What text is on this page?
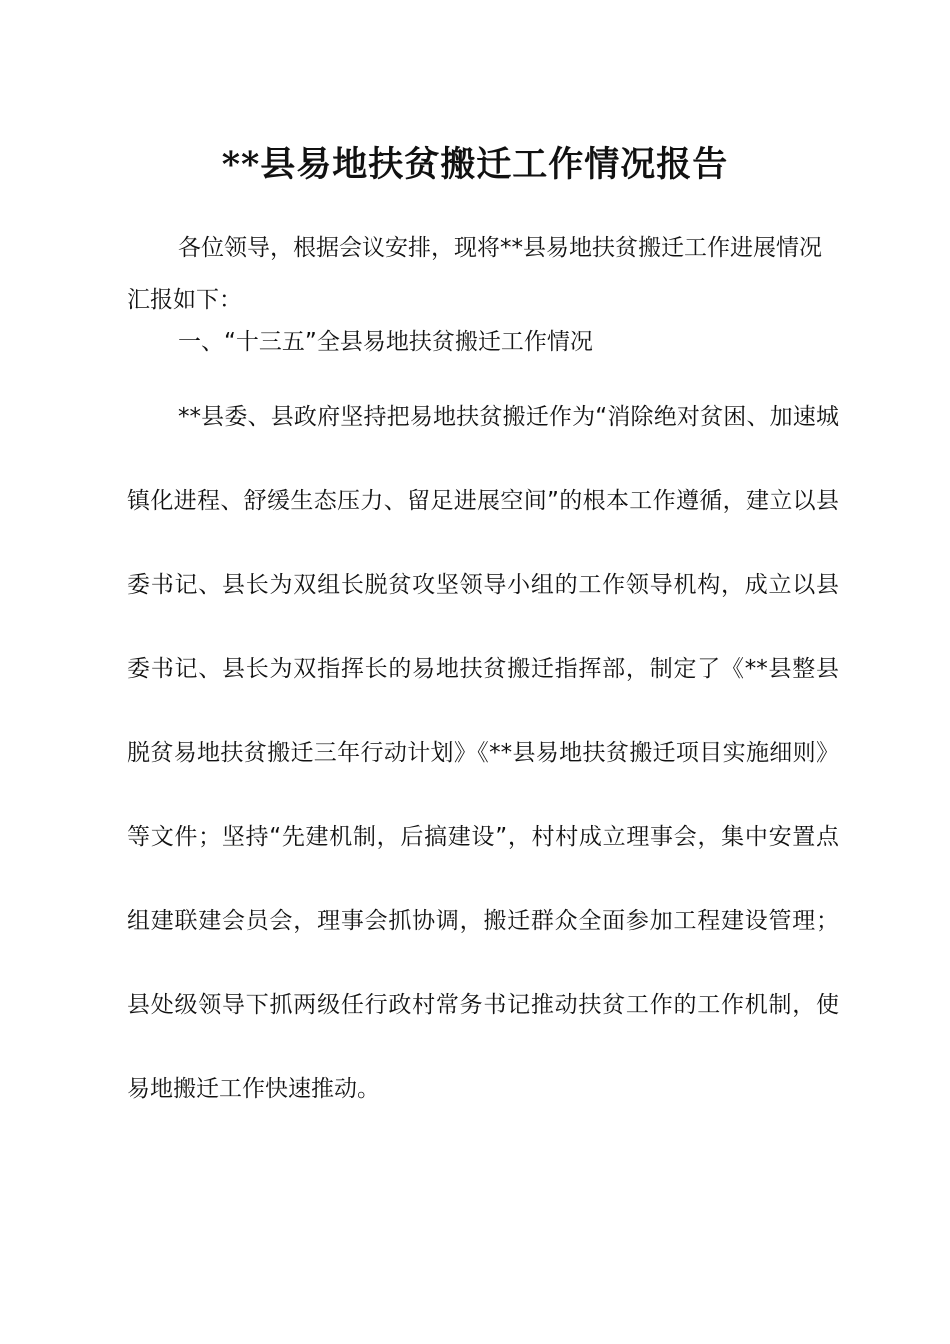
**县易地扶贫搬迁工作情况报告

各位领导，根据会议安排，现将**县易地扶贫搬迁工作进展情况汇报如下：

一、“十三五”全县易地扶贫搬迁工作情况

**县委、县政府坚持把易地扶贫搬迁作为“消除绝对贫困、加速城镇化进程、舒缓生态压力、留足进展空间”的根本工作遵循，建立以县委书记、县长为双组长脱贫攻坚领导小组的工作领导机构，成立以县委书记、县长为双指挥长的易地扶贫搬迁指挥部，制定了《**县整县脱贫易地扶贫搬迁三年行动计划》《**县易地扶贫搬迁项目实施细则》等文件；坚持“先建机制，后搞建设”，村村成立理事会，集中安置点组建联建会员会，理事会抓协调，搬迁群众全面参加工程建设管理；县处级领导下抓两级任行政村常务书记推动扶贫工作的工作机制，使易地搬迁工作快速推动。
